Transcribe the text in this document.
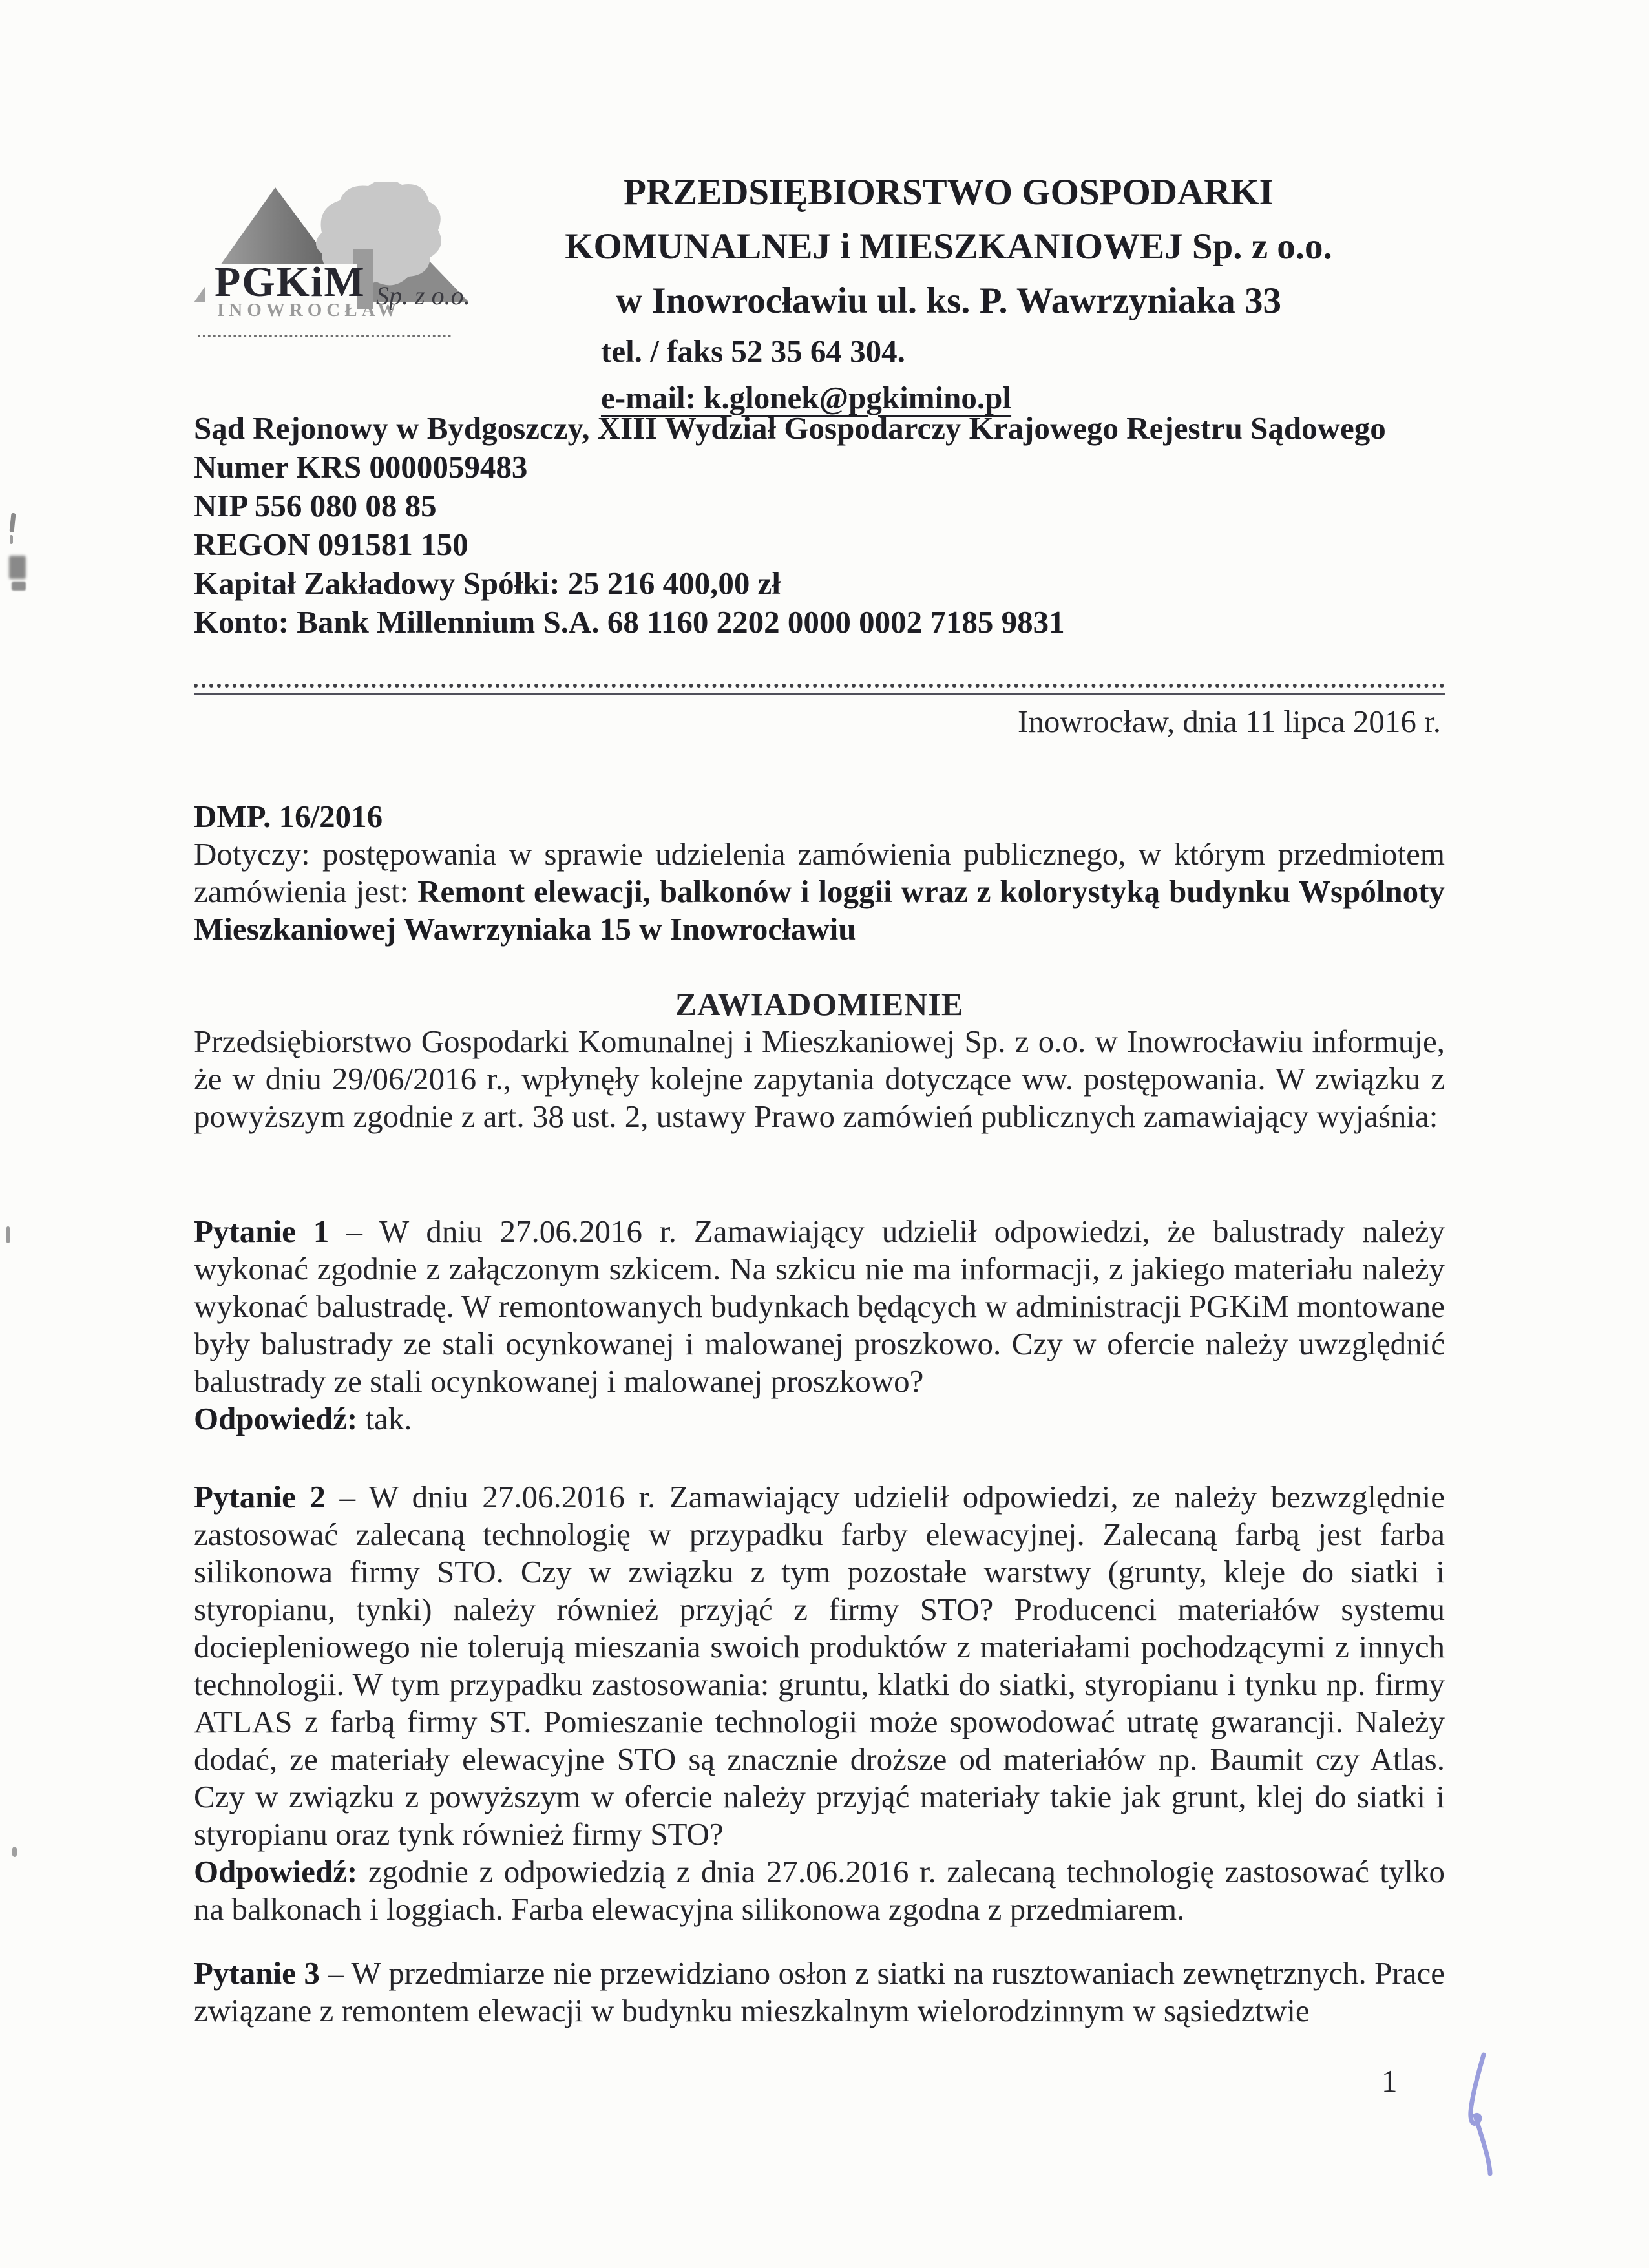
PGKiM Sp. z o.o.
INOWROCŁAW
PRZEDSIĘBIORSTWO GOSPODARKI
KOMUNALNEJ i MIESZKANIOWEJ Sp. z o.o.
w Inowrocławiu ul. ks. P. Wawrzyniaka 33
tel. / faks 52 35 64 304.
e-mail: k.glonek@pgkimino.pl
Sąd Rejonowy w Bydgoszczy, XIII Wydział Gospodarczy Krajowego Rejestru Sądowego
Numer KRS 0000059483
NIP 556 080 08 85
REGON 091581 150
Kapitał Zakładowy Spółki: 25 216 400,00 zł
Konto: Bank Millennium S.A. 68 1160 2202 0000 0002 7185 9831
Inowrocław, dnia 11 lipca 2016 r.
DMP. 16/2016
Dotyczy: postępowania w sprawie udzielenia zamówienia publicznego, w którym przedmiotem zamówienia jest: Remont elewacji, balkonów i loggii wraz z kolorystyką budynku Wspólnoty Mieszkaniowej Wawrzyniaka 15 w Inowrocławiu
ZAWIADOMIENIE
Przedsiębiorstwo Gospodarki Komunalnej i Mieszkaniowej Sp. z o.o. w Inowrocławiu informuje, że w dniu 29/06/2016 r., wpłynęły kolejne zapytania dotyczące ww. postępowania. W związku z powyższym zgodnie z art. 38 ust. 2, ustawy Prawo zamówień publicznych zamawiający wyjaśnia:
Pytanie 1 – W dniu 27.06.2016 r. Zamawiający udzielił odpowiedzi, że balustrady należy wykonać zgodnie z załączonym szkicem. Na szkicu nie ma informacji, z jakiego materiału należy wykonać balustradę. W remontowanych budynkach będących w administracji PGKiM montowane były balustrady ze stali ocynkowanej i malowanej proszkowo. Czy w ofercie należy uwzględnić balustrady ze stali ocynkowanej i malowanej proszkowo?
Odpowiedź: tak.
Pytanie 2 – W dniu 27.06.2016 r. Zamawiający udzielił odpowiedzi, ze należy bezwzględnie zastosować zalecaną technologię w przypadku farby elewacyjnej. Zalecaną farbą jest farba silikonowa firmy STO. Czy w związku z tym pozostałe warstwy (grunty, kleje do siatki i styropianu, tynki) należy również przyjąć z firmy STO? Producenci materiałów systemu dociepleniowego nie tolerują mieszania swoich produktów z materiałami pochodzącymi z innych technologii. W tym przypadku zastosowania: gruntu, klatki do siatki, styropianu i tynku np. firmy ATLAS z farbą firmy ST. Pomieszanie technologii może spowodować utratę gwarancji. Należy dodać, ze materiały elewacyjne STO są znacznie droższe od materiałów np. Baumit czy Atlas. Czy w związku z powyższym w ofercie należy przyjąć materiały takie jak grunt, klej do siatki i styropianu oraz tynk również firmy STO?
Odpowiedź: zgodnie z odpowiedzią z dnia 27.06.2016 r. zalecaną technologię zastosować tylko na balkonach i loggiach. Farba elewacyjna silikonowa zgodna z przedmiarem.
Pytanie 3 – W przedmiarze nie przewidziano osłon z siatki na rusztowaniach zewnętrznych. Prace związane z remontem elewacji w budynku mieszkalnym wielorodzinnym w sąsiedztwie
1
